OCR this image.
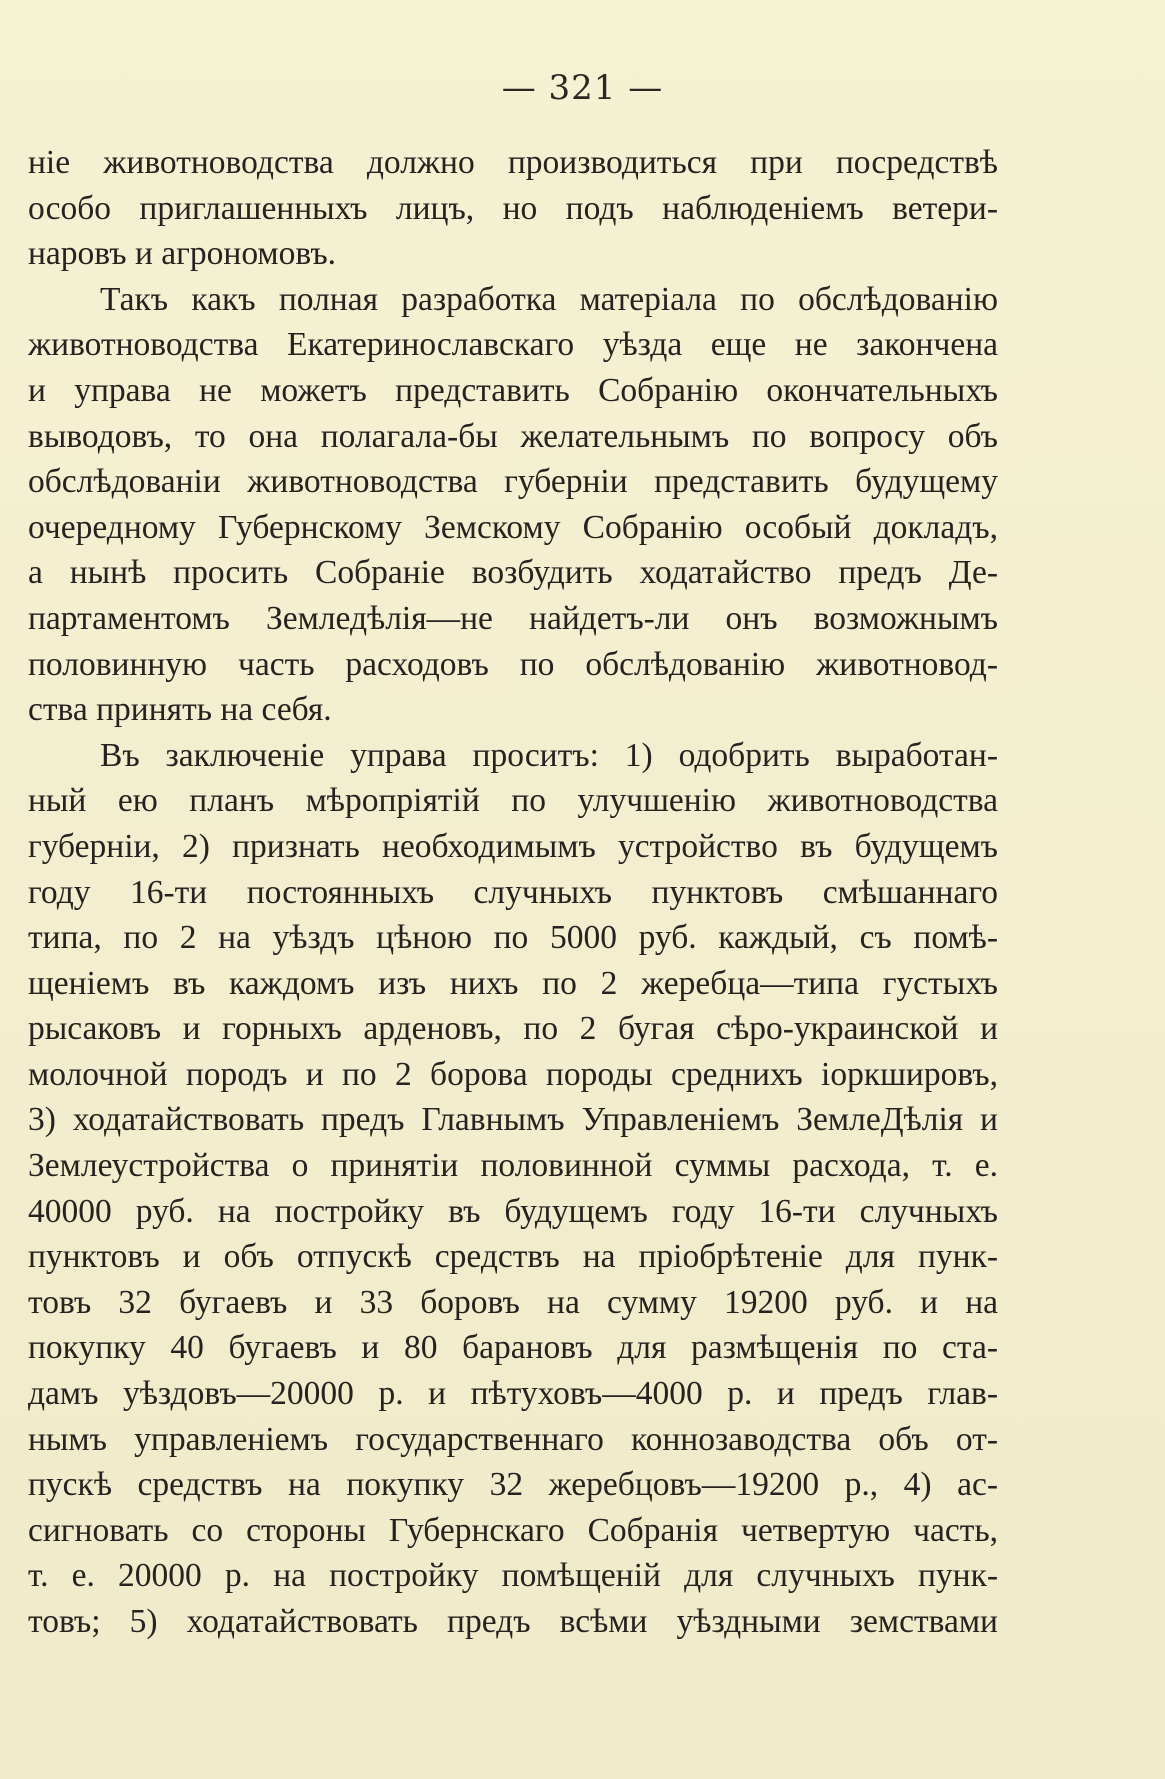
— 321 —
ніе животноводства должно производиться при посредствѣ
особо приглашенныхъ лицъ, но подъ наблюденіемъ ветери-
наровъ и агрономовъ.
Такъ какъ полная разработка матеріала по обслѣдованію
животноводства Екатеринославскаго уѣзда еще не закончена
и управа не можетъ представить Собранію окончательныхъ
выводовъ, то она полагала-бы желательнымъ по вопросу объ
обслѣдованіи животноводства губерніи представить будущему
очередному Губернскому Земскому Собранію особый докладъ,
а нынѣ просить Собраніе возбудить ходатайство предъ Де-
партаментомъ Земледѣлія—не найдетъ-ли онъ возможнымъ
половинную часть расходовъ по обслѣдованію животновод-
ства принять на себя.
Въ заключеніе управа проситъ: 1) одобрить выработан-
ный ею планъ мѣропріятій по улучшенію животноводства
губерніи, 2) признать необходимымъ устройство въ будущемъ
году 16-ти постоянныхъ случныхъ пунктовъ смѣшаннаго
типа, по 2 на уѣздъ цѣною по 5000 руб. каждый, съ помѣ-
щеніемъ въ каждомъ изъ нихъ по 2 жеребца—типа густыхъ
рысаковъ и горныхъ арденовъ, по 2 бугая сѣро-украинской и
молочной породъ и по 2 борова породы среднихъ іоркшировъ,
3) ходатайствовать предъ Главнымъ Управленіемъ ЗемлеДѣлія и
Землеустройства о принятіи половинной суммы расхода, т. е.
40000 руб. на постройку въ будущемъ году 16-ти случныхъ
пунктовъ и объ отпускѣ средствъ на пріобрѣтеніе для пунк-
товъ 32 бугаевъ и 33 боровъ на сумму 19200 руб. и на
покупку 40 бугаевъ и 80 барановъ для размѣщенія по ста-
дамъ уѣздовъ—20000 р. и пѣтуховъ—4000 р. и предъ глав-
нымъ управленіемъ государственнаго коннозаводства объ от-
пускѣ средствъ на покупку 32 жеребцовъ—19200 р., 4) ас-
сигновать со стороны Губернскаго Собранія четвертую часть,
т. е. 20000 р. на постройку помѣщеній для случныхъ пунк-
товъ; 5) ходатайствовать предъ всѣми уѣздными земствами
